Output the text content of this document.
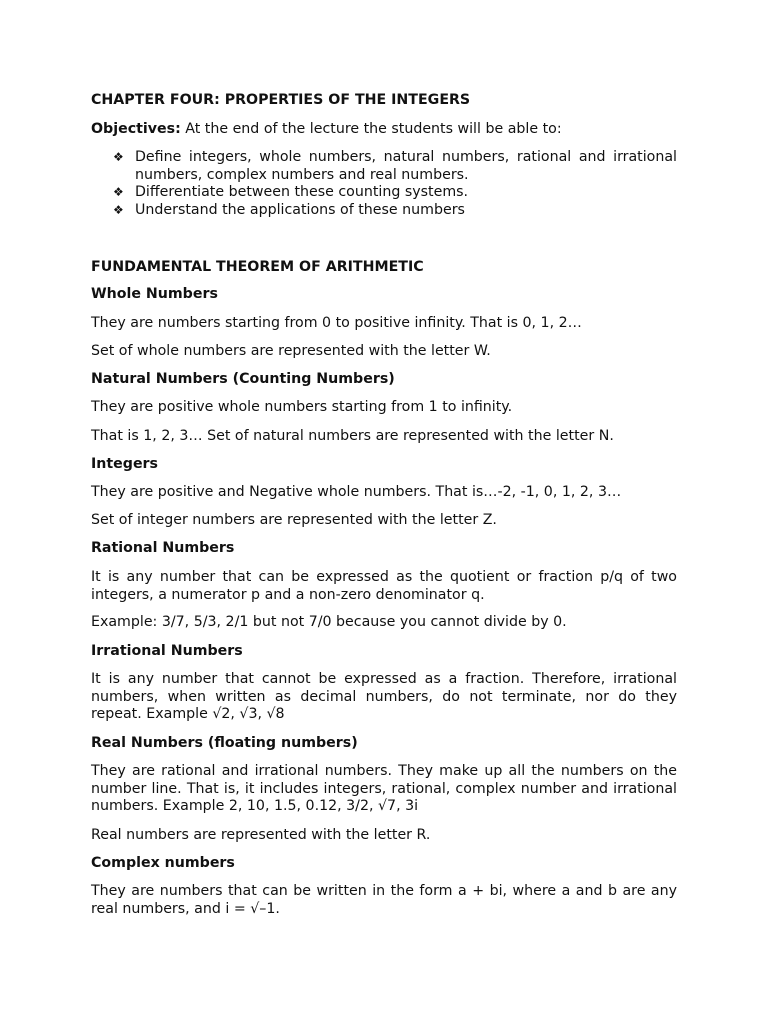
CHAPTER FOUR: PROPERTIES OF THE INTEGERS
Objectives: At the end of the lecture the students will be able to:
❖ Define integers, whole numbers, natural numbers, rational and irrational numbers, complex numbers and real numbers.
❖ Differentiate between these counting systems.
❖ Understand the applications of these numbers
FUNDAMENTAL THEOREM OF ARITHMETIC
Whole Numbers
They are numbers starting from 0 to positive infinity. That is 0, 1, 2…
Set of whole numbers are represented with the letter W.
Natural Numbers (Counting Numbers)
They are positive whole numbers starting from 1 to infinity.
That is 1, 2, 3… Set of natural numbers are represented with the letter N.
Integers
They are positive and Negative whole numbers. That is…-2, -1, 0, 1, 2, 3…
Set of integer numbers are represented with the letter Z.
Rational Numbers
It is any number that can be expressed as the quotient or fraction p/q of two integers, a numerator p and a non-zero denominator q.
Example: 3/7, 5/3, 2/1 but not 7/0 because you cannot divide by 0.
Irrational Numbers
It is any number that cannot be expressed as a fraction. Therefore, irrational numbers, when written as decimal numbers, do not terminate, nor do they repeat. Example √2, √3, √8
Real Numbers (floating numbers)
They are rational and irrational numbers. They make up all the numbers on the number line. That is, it includes integers, rational, complex number and irrational numbers. Example 2, 10, 1.5, 0.12, 3/2, √7, 3i
Real numbers are represented with the letter R.
Complex numbers
They are numbers that can be written in the form a + bi, where a and b are any real numbers, and i = √–1.
